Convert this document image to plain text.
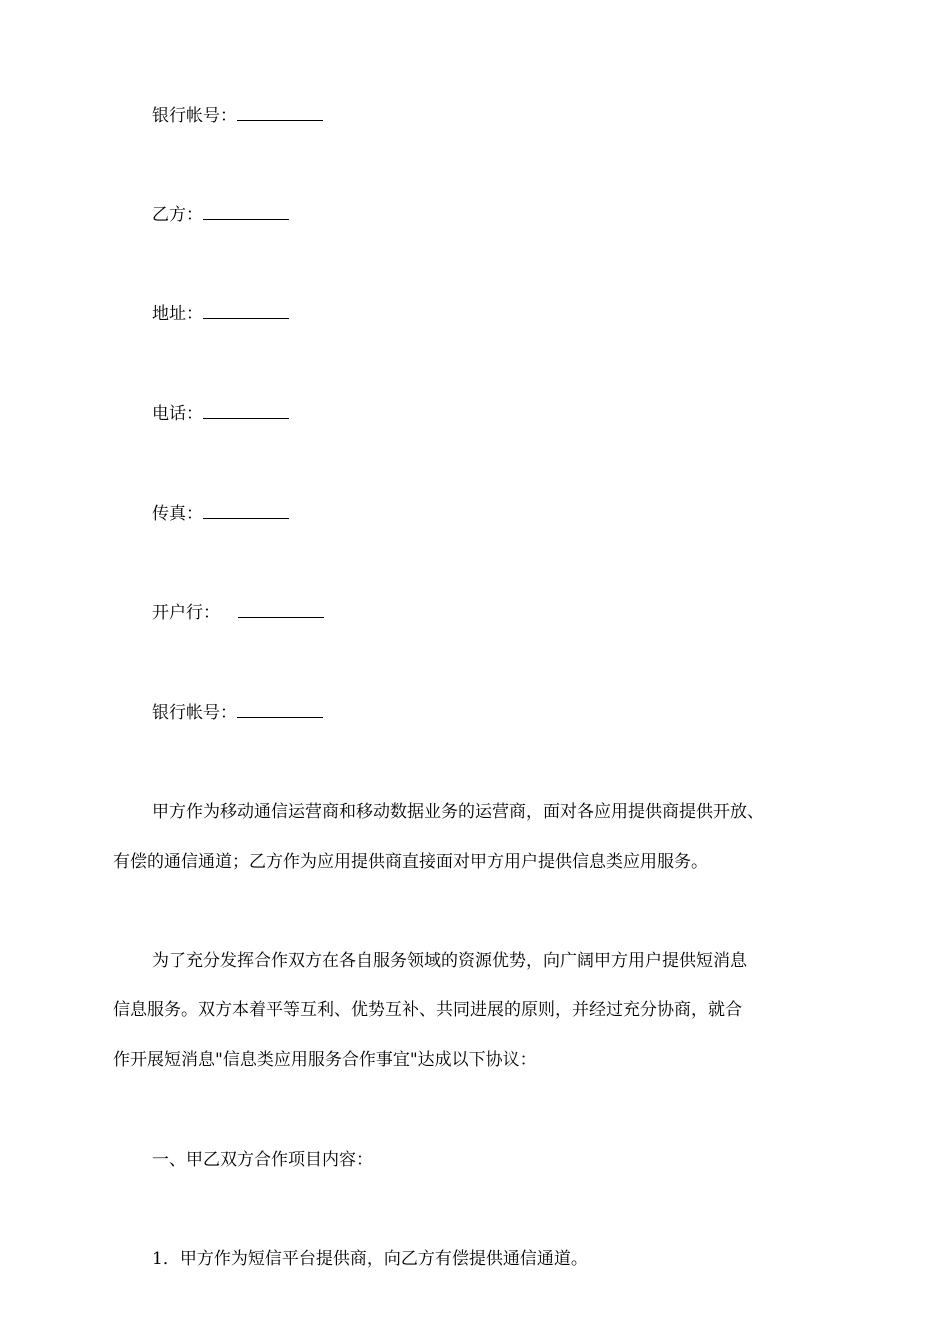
银行帐号：
乙方：
地址：
电话：
传真：
开户行：
银行帐号：
甲方作为移动通信运营商和移动数据业务的运营商，面对各应用提供商提供开放、
有偿的通信通道；乙方作为应用提供商直接面对甲方用户提供信息类应用服务。
为了充分发挥合作双方在各自服务领域的资源优势，向广阔甲方用户提供短消息
信息服务。双方本着平等互利、优势互补、共同进展的原则，并经过充分协商，就合
作开展短消息"信息类应用服务合作事宜"达成以下协议：
一、甲乙双方合作项目内容：
1．甲方作为短信平台提供商，向乙方有偿提供通信通道。
